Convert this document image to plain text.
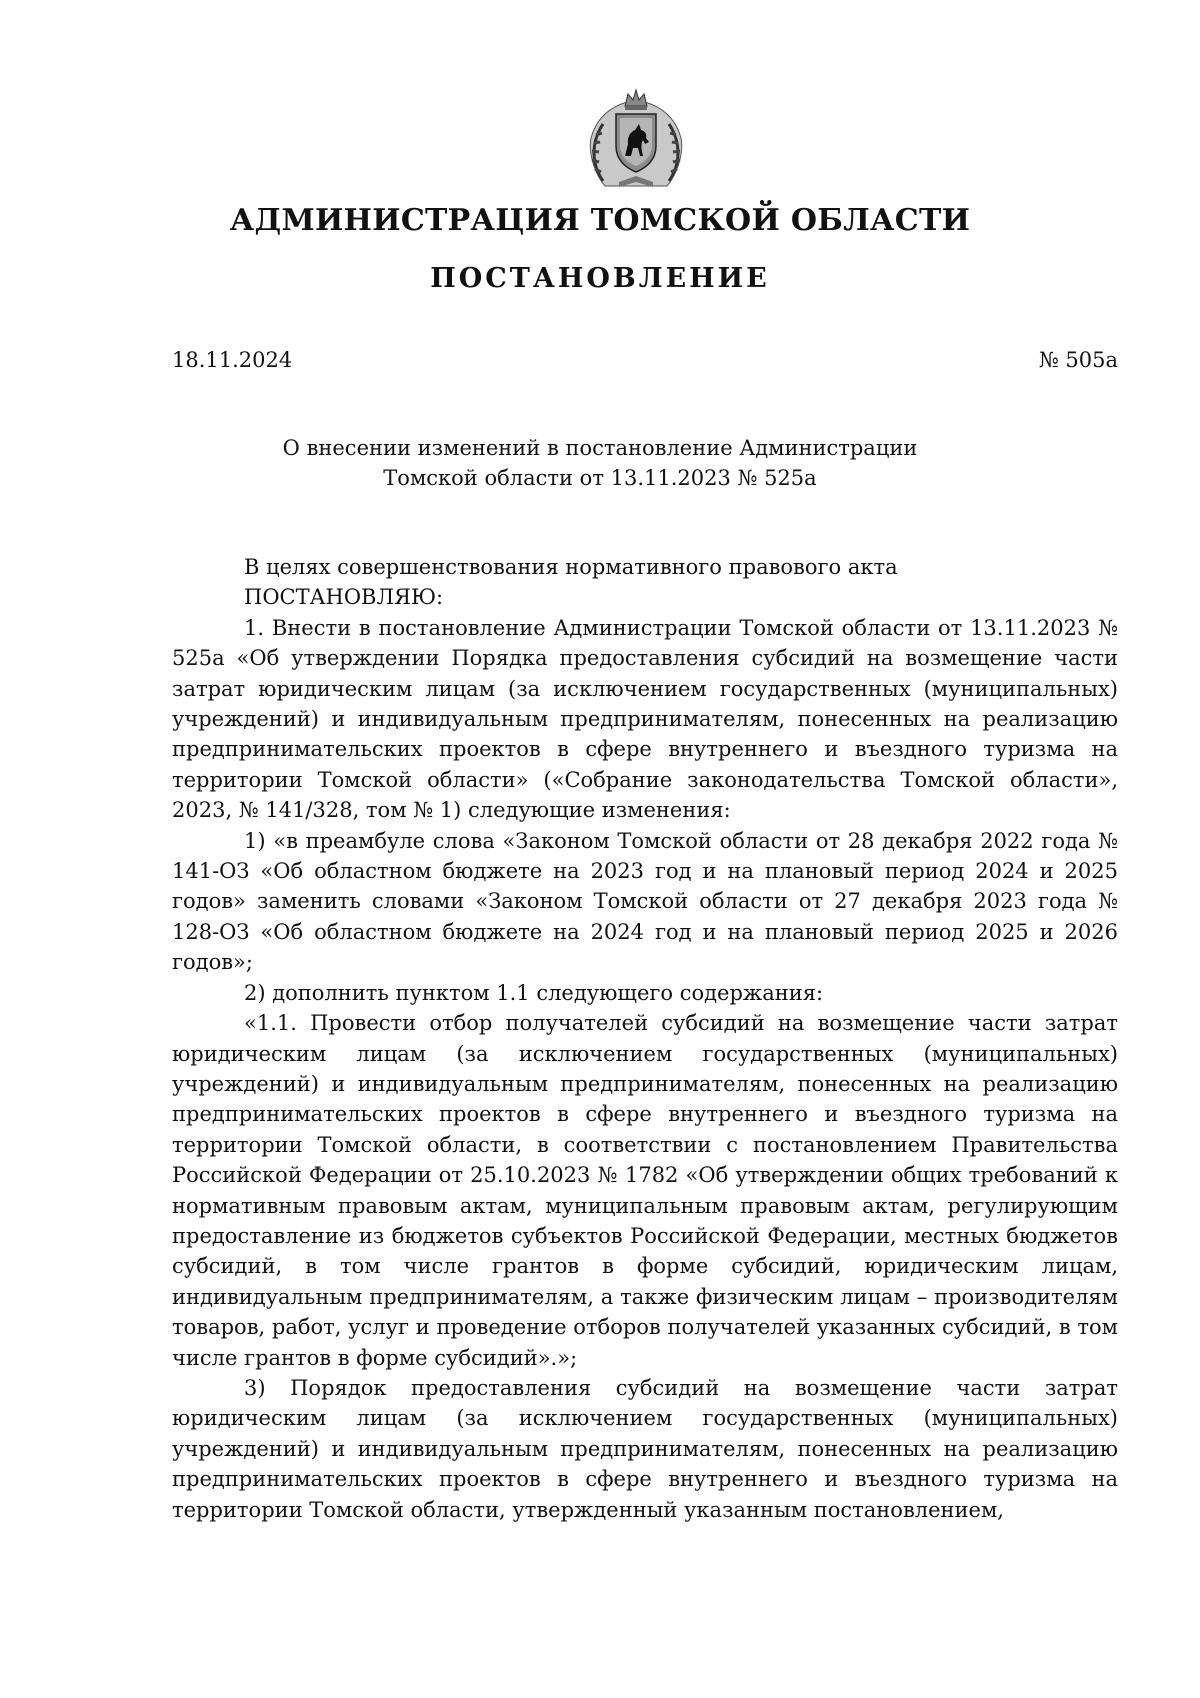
АДМИНИСТРАЦИЯ ТОМСКОЙ ОБЛАСТИ
ПОСТАНОВЛЕНИЕ
18.11.2024	№ 505а
О внесении изменений в постановление Администрации
Томской области от 13.11.2023 № 525а

В целях совершенствования нормативного правового акта

ПОСТАНОВЛЯЮ:

1. Внести в постановление Администрации Томской области от 13.11.2023 № 525а «Об утверждении Порядка предоставления субсидий на возмещение части затрат юридическим лицам (за исключением государственных (муниципальных) учреждений) и индивидуальным предпринимателям, понесенных на реализацию предпринимательских проектов в сфере внутреннего и въездного туризма на территории Томской области» («Собрание законодательства Томской области», 2023, № 141/328, том № 1) следующие изменения:

1) «в преамбуле слова «Законом Томской области от 28 декабря 2022 года № 141-ОЗ «Об областном бюджете на 2023 год и на плановый период 2024 и 2025 годов» заменить словами «Законом Томской области от 27 декабря 2023 года № 128-ОЗ «Об областном бюджете на 2024 год и на плановый период 2025 и 2026 годов»;

2) дополнить пунктом 1.1 следующего содержания:

«1.1. Провести отбор получателей субсидий на возмещение части затрат юридическим лицам (за исключением государственных (муниципальных) учреждений) и индивидуальным предпринимателям, понесенных на реализацию предпринимательских проектов в сфере внутреннего и въездного туризма на территории Томской области, в соответствии с постановлением Правительства Российской Федерации от 25.10.2023 № 1782 «Об утверждении общих требований к нормативным правовым актам, муниципальным правовым актам, регулирующим предоставление из бюджетов субъектов Российской Федерации, местных бюджетов субсидий, в том числе грантов в форме субсидий, юридическим лицам, индивидуальным предпринимателям, а также физическим лицам – производителям товаров, работ, услуг и проведение отборов получателей указанных субсидий, в том числе грантов в форме субсидий».»;

3) Порядок предоставления субсидий на возмещение части затрат юридическим лицам (за исключением государственных (муниципальных) учреждений) и индивидуальным предпринимателям, понесенных на реализацию предпринимательских проектов в сфере внутреннего и въездного туризма на территории Томской области, утвержденный указанным постановлением,
